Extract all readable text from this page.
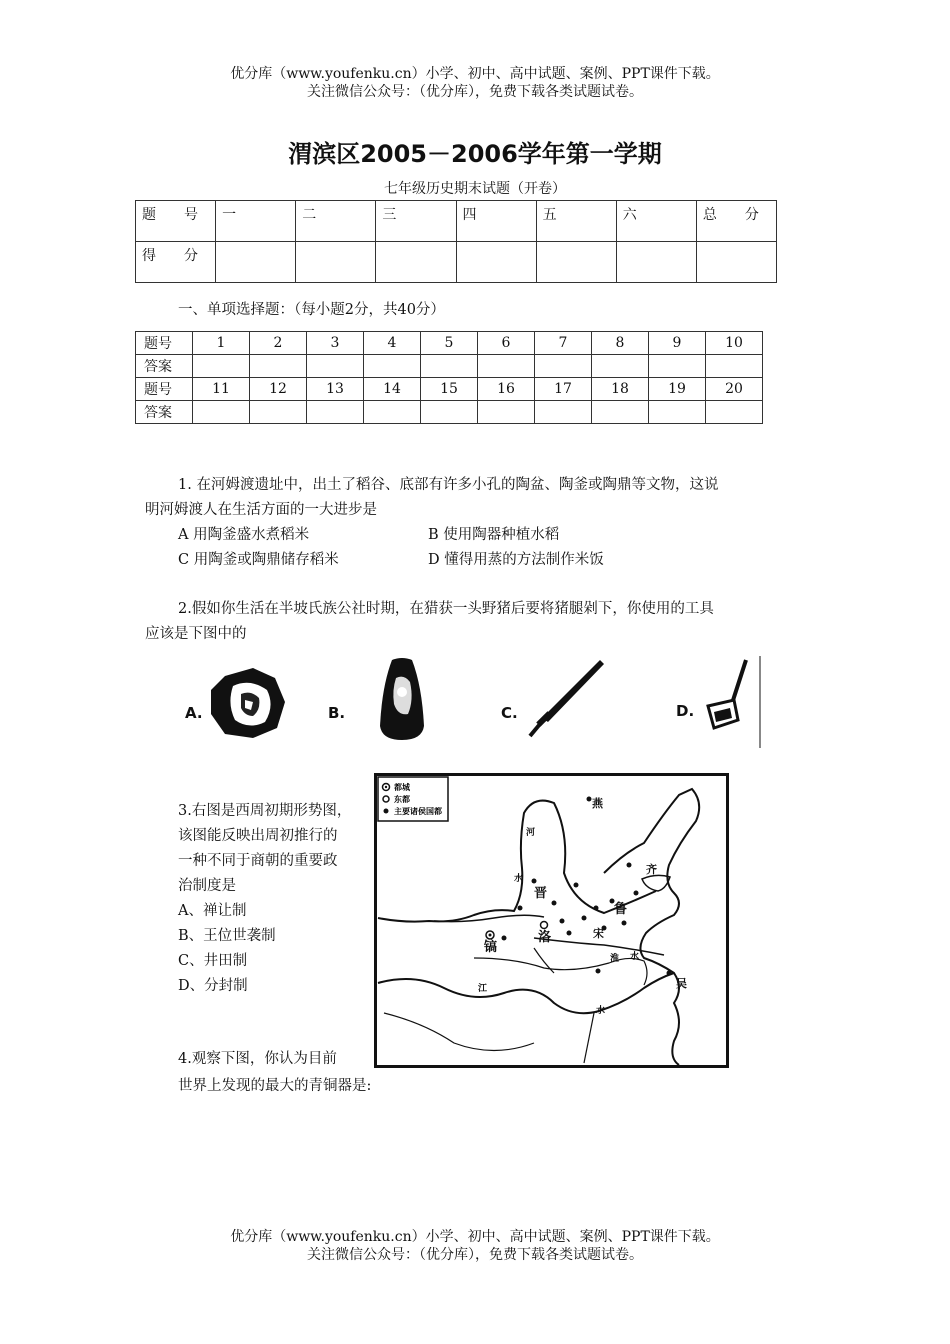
优分库（www.youfenku.cn）小学、初中、高中试题、案例、PPT课件下载。
关注微信公众号：（优分库），免费下载各类试题试卷。
渭滨区2005－2006学年第一学期
七年级历史期末试题（开卷）
题　　号	一	二	三	四	五	六	总　　分
得　　分							
一、单项选择题：（每小题2分，共40分）
题号	1	2	3	4	5	6	7	8	9	10
答案										
题号	11	12	13	14	15	16	17	18	19	20
答案										
1. 在河姆渡遗址中，出土了稻谷、底部有许多小孔的陶盆、陶釜或陶鼎等文物，这说
明河姆渡人在生活方面的一大进步是
A 用陶釜盛水煮稻米	B 使用陶器种植水稻
C 用陶釜或陶鼎储存稻米	D 懂得用蒸的方法制作米饭
2.假如你生活在半坡氏族公社时期，在猎获一头野猪后要将猪腿剁下，你使用的工具
应该是下图中的
A.	B.	C.	D.
3.右图是西周初期形势图，
该图能反映出周初推行的
一种不同于商朝的重要政
治制度是
A、禅让制
B、王位世袭制
C、井田制
D、分封制
都城
东都
主要诸侯国都
燕
齐
鲁
晋
宋
镐
洛
吴
河
水
江
淮 水
水
4.观察下图，你认为目前
世界上发现的最大的青铜器是:
优分库（www.youfenku.cn）小学、初中、高中试题、案例、PPT课件下载。
关注微信公众号：（优分库），免费下载各类试题试卷。
